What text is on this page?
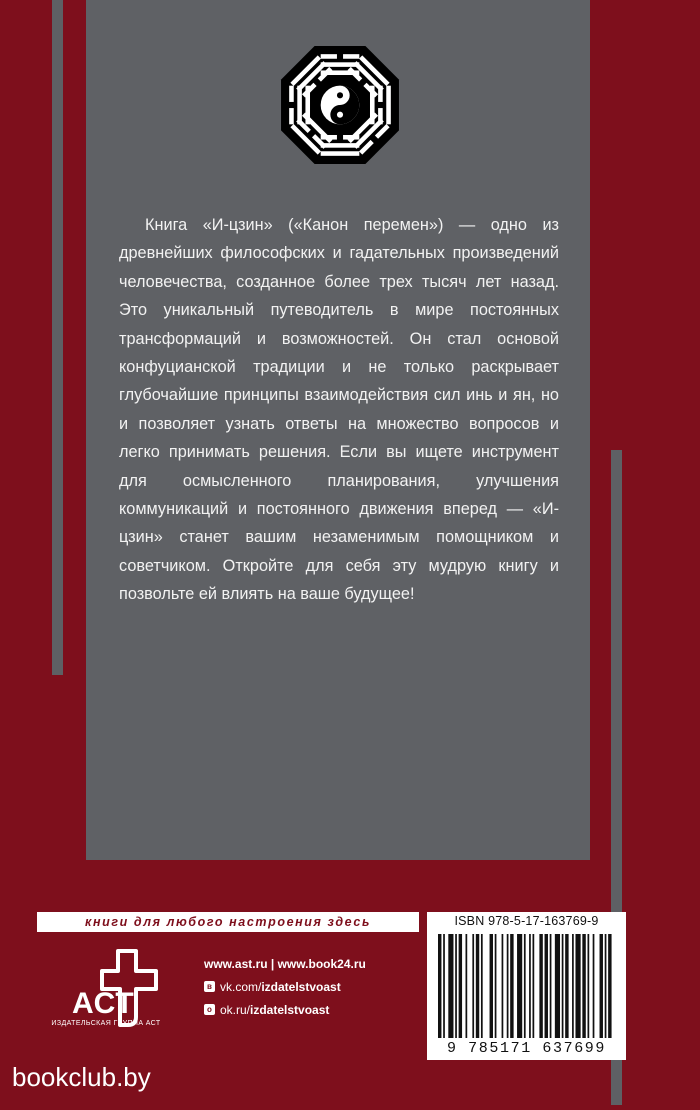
Книга «И-цзин» («Канон перемен») — одно из древнейших философских и гадательных произведений человечества, созданное более трех тысяч лет назад. Это уникальный путеводитель в мире постоянных трансформаций и возможностей. Он стал основой конфуцианской традиции и не только раскрывает глубочайшие принципы взаимодействия сил инь и ян, но и позволяет узнать ответы на множество вопросов и легко принимать решения. Если вы ищете инструмент для осмысленного планирования, улучшения коммуникаций и постоянного движения вперед — «И-цзин» станет вашим незаменимым помощником и советчиком. Откройте для себя эту мудрую книгу и позвольте ей влиять на ваше будущее!

книги для любого настроения здесь
ACT
ИЗДАТЕЛЬСКАЯ ГРУППА АСТ
www.ast.ru | www.book24.ru
в vk.com/ izdatelstvoast
о ok.ru/ izdatelstvoast
ISBN 978-5-17-163769-9
9 785171 637699
bookclub.by
